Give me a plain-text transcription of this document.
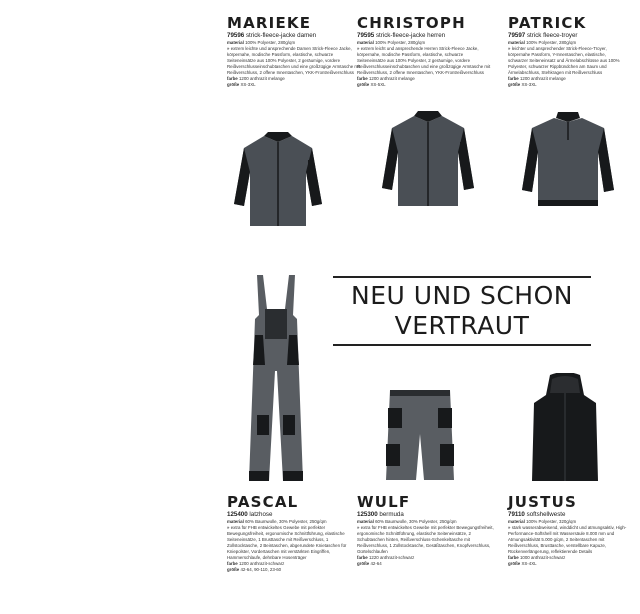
MARIEKE
79596 strick-fleece-jacke damen
material 100% Polyester, 280g/qm
» extrem leichte und ansprechende Damen Strick-Fleece Jacke, körpernahe, modische Passform, elastische, schwarze Seiteneinsätze aus 100% Polyester, 2 geräumige, vordere Reißverschlusseinschubtaschen und eine großzügige Armtasche mit Reißverschluss, 2 offene Innentaschen, YKK-Frontreißverschluss
farbe 1200 anthrazit melange
größe XS-3XL
CHRISTOPH
79595 strick-fleece-jacke herren
material 100% Polyester, 280g/qm
» extrem leicht und ansprechende Herren Strick-Fleece Jacke, körpernahe, modische Passform, elastische, schwarze Seiteneinsätze aus 100% Polyester, 2 geräumige, vordere Reißverschlusseinschubtaschen und eine großzügige Armtasche mit Reißverschluss, 2 offene Innentaschen, YKK-Frontreißverschluss
farbe 1200 anthrazit melange
größe XS-5XL
PATRICK
79597 strick fleece-troyer
material 100% Polyester, 280g/qm
» leichter und ansprechender Strick-Fleece-Troyer, körpernahe Passform, Y-Innentaschen, elastische, schwarzer Seiteneinsatz und Ärmelabschlüsse aus 100% Polyester, schwarzer Rippbündchen am Saum und Ärmelabschluss, Stehkragen mit Reißverschluss
farbe 1200 anthrazit melange
größe XS-3XL
NEU UND SCHON
VERTRAUT
PASCAL
125400 latzhose
material 60% Baumwolle, 30% Polyester, 250g/qm
» extra für FHB entwickeltes Gewebe mit perfekter Bewegungsfreiheit, ergonomische Schnittführung, elastische Seiteneinsätze, 1 Brusttasche mit Reißverschluss, 1 Zollstocktasche, 2 Beintaschen, abgerundete Knietaschen für Kniepolster, Vordertaschen mit verstärkten Eingriffen, Hammerschlaufe, dehnbare Hosenträger
farbe 1200 anthrazit-schwarz
größe 42-64, 90-110, 23-60
WULF
125300 bermuda
material 60% Baumwolle, 30% Polyester, 250g/qm
» extra für FHB entwickeltes Gewebe mit perfekter Bewegungsfreiheit, ergonomische Schnittführung, elastische Seiteneinsätze, 2 Schubtaschen hinten, Reißverschluss-Schenkeltasche mit Reißverschluss, 1 Zollstocktasche, Gesäßtaschen, Knopfverschluss, Gürtelschlaufen
farbe 1220 anthrazit-schwarz
größe 42-64
JUSTUS
79110 softshellweste
material 100% Polyester, 320g/qm
» stark wasserabweisend, winddicht und atmungsaktiv, High-Performance-Softshell mit Wassersäule 8.000 mm und Atmungsaktivität 5.000 g/qm, 2 Seitentaschen mit Reißverschluss, Brusttasche, verstellbare Kapuze, Rückenverlängerung, reflektierende Details
farbe 1000 anthrazit-schwarz
größe XS-4XL
